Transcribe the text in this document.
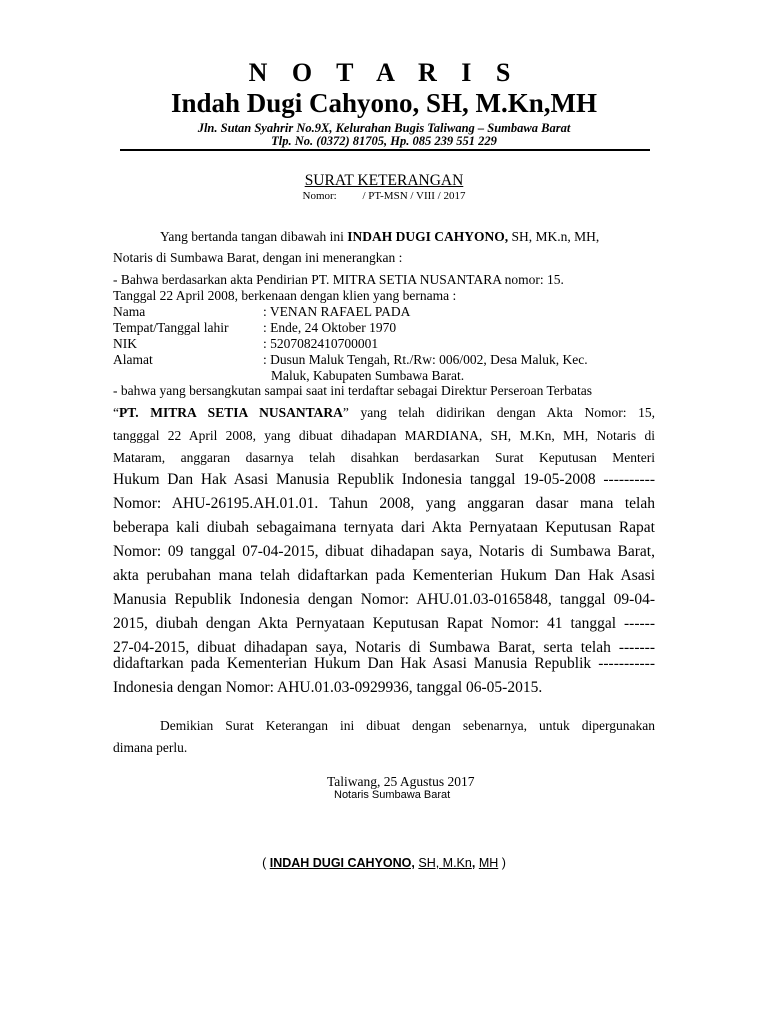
N O T A R I S
Indah Dugi Cahyono, SH, M.Kn,MH
Jln. Sutan Syahrir No.9X, Kelurahan Bugis Taliwang – Sumbawa Barat
Tlp. No. (0372) 81705, Hp. 085 239 551 229
SURAT KETERANGAN
Nomor: / PT-MSN / VIII / 2017
Yang bertanda tangan dibawah ini INDAH DUGI CAHYONO, SH, MK.n, MH,
Notaris di Sumbawa Barat, dengan ini menerangkan :
- Bahwa berdasarkan akta Pendirian PT. MITRA SETIA NUSANTARA nomor: 15.
Tanggal 22 April 2008, berkenaan dengan klien yang bernama :
Nama	: VENAN RAFAEL PADA
Tempat/Tanggal lahir	: Ende, 24 Oktober 1970
NIK	: 5207082410700001
Alamat	: Dusun Maluk Tengah, Rt./Rw: 006/002, Desa Maluk, Kec.
Maluk, Kabupaten Sumbawa Barat.
- bahwa yang bersangkutan sampai saat ini terdaftar sebagai Direktur Perseroan Terbatas
“PT. MITRA SETIA NUSANTARA” yang telah didirikan dengan Akta Nomor: 15,
tangggal 22 April 2008, yang dibuat dihadapan MARDIANA, SH, M.Kn, MH, Notaris di
Mataram, anggaran dasarnya telah disahkan berdasarkan Surat Keputusan Menteri
Hukum Dan Hak Asasi Manusia Republik Indonesia tanggal 19-05-2008 ----------
Nomor: AHU-26195.AH.01.01. Tahun 2008, yang anggaran dasar mana telah
beberapa kali diubah sebagaimana ternyata dari Akta Pernyataan Keputusan Rapat
Nomor: 09 tanggal 07-04-2015, dibuat dihadapan saya, Notaris di Sumbawa Barat,
akta perubahan mana telah didaftarkan pada Kementerian Hukum Dan Hak Asasi
Manusia Republik Indonesia dengan Nomor: AHU.01.03-0165848, tanggal 09-04-
2015, diubah dengan Akta Pernyataan Keputusan Rapat Nomor: 41 tanggal ------
27-04-2015, dibuat dihadapan saya, Notaris di Sumbawa Barat, serta telah -------
didaftarkan pada Kementerian Hukum Dan Hak Asasi Manusia Republik -----------
Indonesia dengan Nomor: AHU.01.03-0929936, tanggal 06-05-2015.
Demikian Surat Keterangan ini dibuat dengan sebenarnya, untuk dipergunakan
dimana perlu.
Taliwang, 25 Agustus 2017
Notaris Sumbawa Barat
( INDAH DUGI CAHYONO, SH, M.Kn, MH )
